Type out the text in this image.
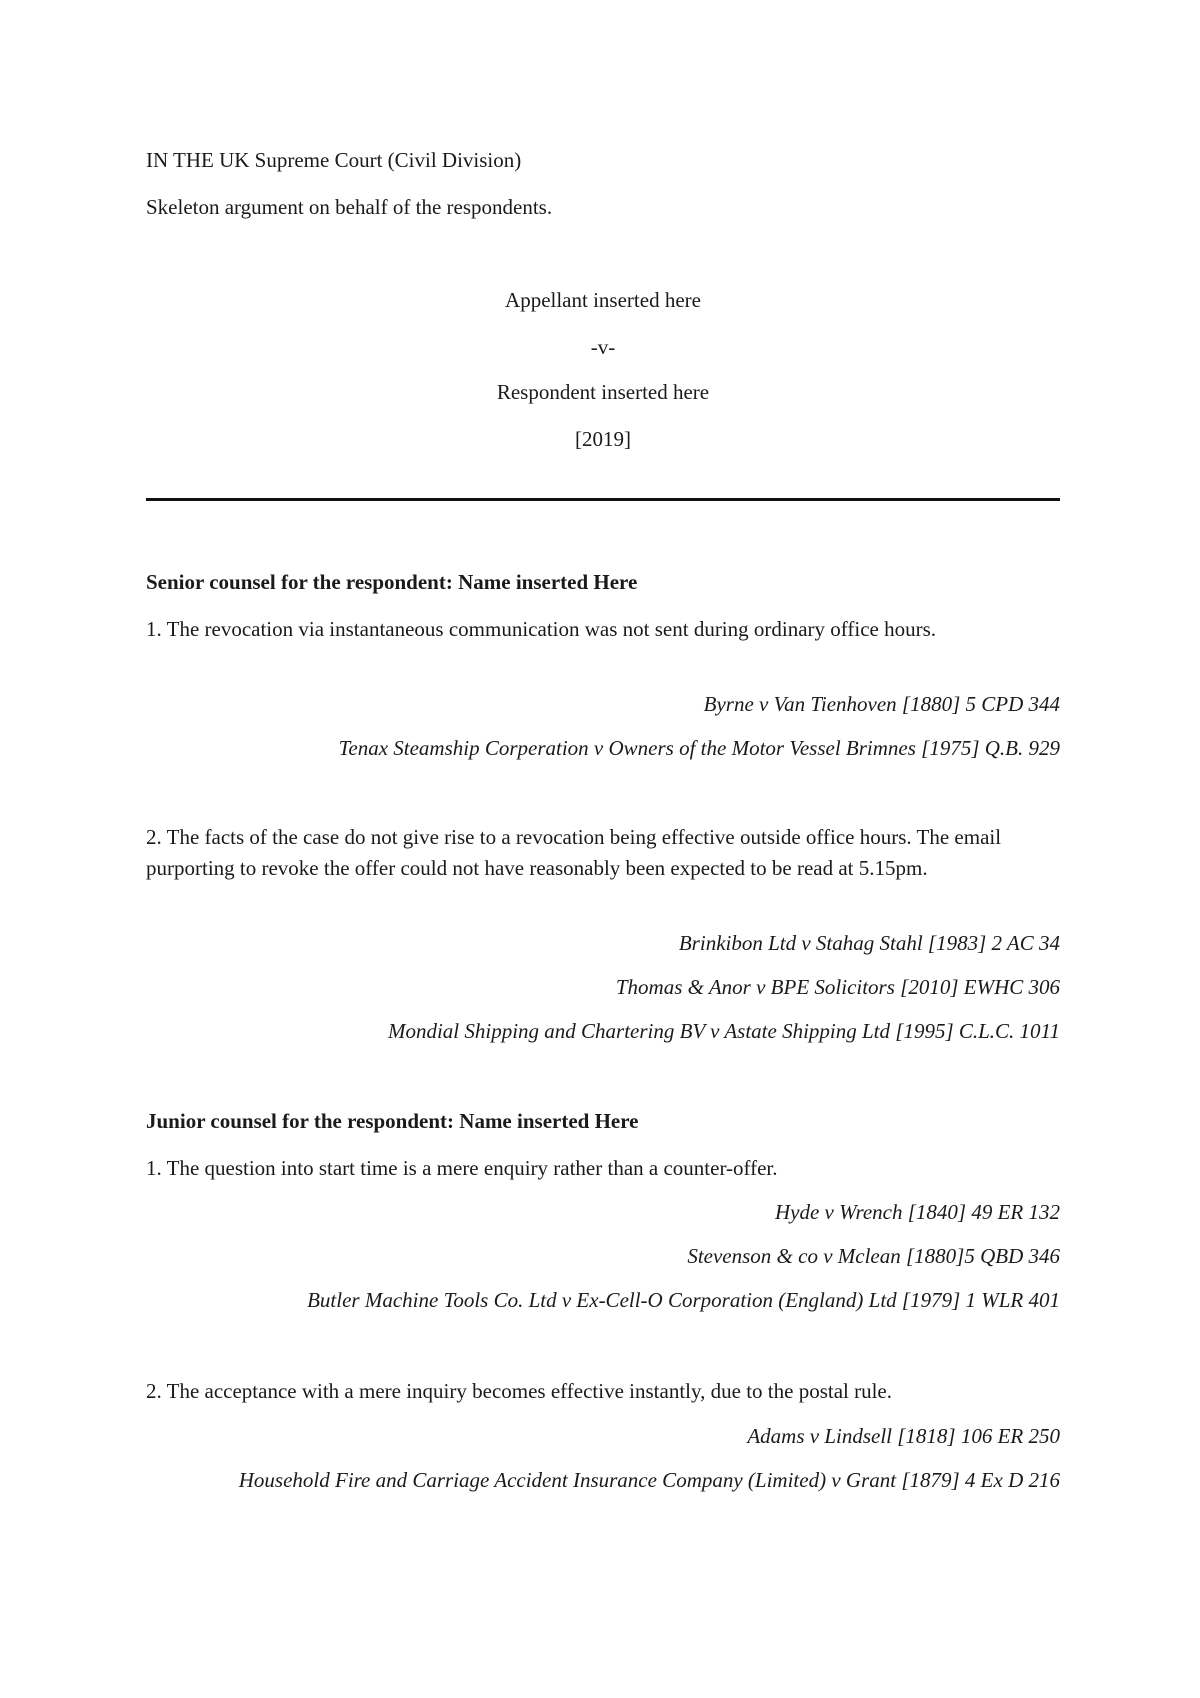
IN THE UK Supreme Court (Civil Division)
Skeleton argument on behalf of the respondents.
Appellant inserted here
-v-
Respondent inserted here
[2019]
Senior counsel for the respondent: Name inserted Here
1. The revocation via instantaneous communication was not sent during ordinary office hours.
Byrne v Van Tienhoven [1880] 5 CPD 344
Tenax Steamship Corperation v Owners of the Motor Vessel Brimnes [1975] Q.B. 929
2. The facts of the case do not give rise to a revocation being effective outside office hours. The email purporting to revoke the offer could not have reasonably been expected to be read at 5.15pm.
Brinkibon Ltd v Stahag Stahl [1983] 2 AC 34
Thomas & Anor v BPE Solicitors [2010] EWHC 306
Mondial Shipping and Chartering BV v Astate Shipping Ltd [1995] C.L.C. 1011
Junior counsel for the respondent: Name inserted Here
1. The question into start time is a mere enquiry rather than a counter-offer.
Hyde v Wrench [1840] 49 ER 132
Stevenson & co v Mclean [1880]5 QBD 346
Butler Machine Tools Co. Ltd v Ex-Cell-O Corporation (England) Ltd [1979] 1 WLR 401
2. The acceptance with a mere inquiry becomes effective instantly, due to the postal rule.
Adams v Lindsell [1818] 106 ER 250
Household Fire and Carriage Accident Insurance Company (Limited) v Grant [1879] 4 Ex D 216
